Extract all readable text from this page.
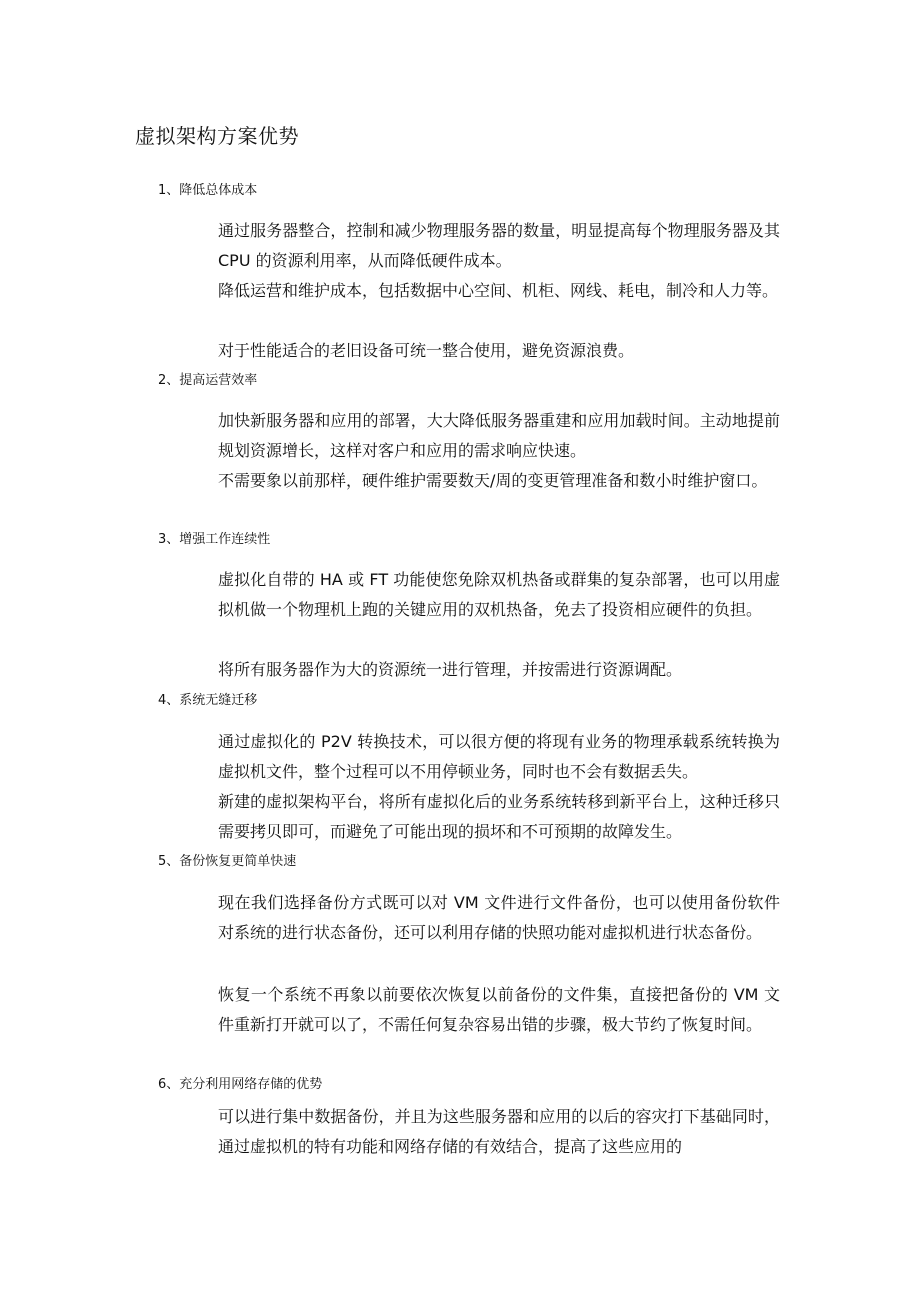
虚拟架构方案优势
1、降低总体成本

通过服务器整合，控制和减少物理服务器的数量，明显提高每个物理服务器及其 CPU 的资源利用率，从而降低硬件成本。

降低运营和维护成本，包括数据中心空间、机柜、网线、耗电，制冷和人力等。

对于性能适合的老旧设备可统一整合使用，避免资源浪费。

2、提高运营效率

加快新服务器和应用的部署，大大降低服务器重建和应用加载时间。主动地提前规划资源增长，这样对客户和应用的需求响应快速。

不需要象以前那样，硬件维护需要数天/周的变更管理准备和数小时维护窗口。

3、增强工作连续性

虚拟化自带的 HA 或 FT 功能使您免除双机热备或群集的复杂部署，也可以用虚拟机做一个物理机上跑的关键应用的双机热备，免去了投资相应硬件的负担。

将所有服务器作为大的资源统一进行管理，并按需进行资源调配。

4、系统无缝迁移

通过虚拟化的 P2V 转换技术，可以很方便的将现有业务的物理承载系统转换为虚拟机文件，整个过程可以不用停顿业务，同时也不会有数据丢失。

新建的虚拟架构平台，将所有虚拟化后的业务系统转移到新平台上，这种迁移只需要拷贝即可，而避免了可能出现的损坏和不可预期的故障发生。

5、备份恢复更简单快速

现在我们选择备份方式既可以对 VM 文件进行文件备份，也可以使用备份软件对系统的进行状态备份，还可以利用存储的快照功能对虚拟机进行状态备份。

恢复一个系统不再象以前要依次恢复以前备份的文件集，直接把备份的 VM 文件重新打开就可以了，不需任何复杂容易出错的步骤，极大节约了恢复时间。

6、充分利用网络存储的优势

可以进行集中数据备份，并且为这些服务器和应用的以后的容灾打下基础同时，通过虚拟机的特有功能和网络存储的有效结合，提高了这些应用的
